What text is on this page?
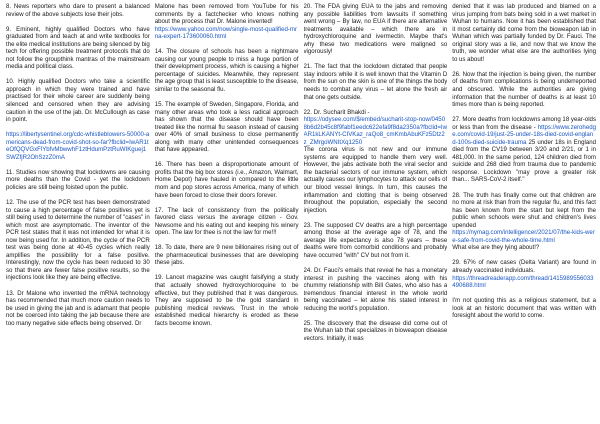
8. News reporters who dare to present a balanced review of the above subjects lose their jobs.

9. Eminent, highly qualified Doctors who have graduated from and teach at and write textbooks for the elite medical institutions are being silenced by big tech for offering possible treatment protocols that do not follow the groupthink mantras of the mainstream media and political class.

10. Highly qualified Doctors who take a scientific approach in which they were trained and have practised for their whole career are suddenly being silenced and censored when they are advising caution in the use of the jab. Dr. McCullough as case in point.

https://libertysentinel.org/cdc-whistleblowers-50000-americans-dead-from-covid-shot-so-far?fbclid=IwAR1teOfQQVGxFlYbfvMbwwhF1ztHdumPztRuWIKguej1SWZfjR2OhSzzZ0mA

11. Studies now showing that lockdowns are causing more deaths than the Covid - yet the lockdown policies are still being foisted upon the public.

12. The use of the PCR test has been demonstrated to cause a high percentage of false positives yet is still being used to determine the number of "cases" in which most are asymptomatic. The inventor of the PCR test states that it was not intended for what it is now being used for. In addition, the cycle of the PCR test was being done at 40-45 cycles which really amplifies the possibility for a false positive. Interestingly, now the cycle has been reduced to 30 so that there are fewer false positive results, so the injections look like they are being effective.

13. Dr Malone who invented the mRNA technology has recommended that much more caution needs to be used in giving the jab and is adamant that people not be coerced into taking the jab because there are too many negative side effects being observed. Dr

Malone has been removed from YouTube for his comments by a factchecker who knows nothing about the process that Dr. Malone invented!
https://www.yahoo.com/now/single-most-qualified-mrna-expert-173600060.html

14. The closure of schools has been a nightmare causing our young people to miss a huge portion of their development process, which is causing a higher percentage of suicides. Meanwhile, they represent the age group that is least susceptible to the disease, similar to the seasonal flu.

15. The example of Sweden, Singapore, Florida, and many other areas who took a less radical approach has shown that the disease should have been treated like the normal flu season instead of causing over 40% of small business to close permanently along with many other unintended consequences that have appeared.

16. There has been a disproportionate amount of profits that the big box stores (i.e., Amazon, Walmart, Home Depot) have hauled in compared to the little mom and pop stores across America, many of which have been forced to close their doors forever.

17. The lack of consistency from the politically favored class versus the average citizen - Gov. Newsome and his eating out and keeping his winery open. The law for thee is not the law for me!!!

18. To date, there are 9 new billionaires rising out of the pharmaceutical businesses that are developing these jabs.

19. Lancet magazine was caught falsifying a study that actually showed hydroxychloroquine to be effective, but they published that it was dangerous. They are supposed to be the gold standard in publishing medical reviews. Trust in the whole established medical hierarchy is eroded as these facts become known.

20. The FDA giving EUA to the jabs and removing any possible liabilities from lawsuits if something went wrong – By law, no EUA if there are alternative treatments available – which there are in hydroxychloroquine and ivermectin. Maybe that's why these two medications were maligned so vigorously!

21. The fact that the lockdown dictated that people stay indoors while it is well known that the Vitamin D from the sun on the skin is one of the things the body needs to combat any virus – let alone the fresh air that one gets outside.

22. Dr. Sucharit Bhakdi -
https://odysee.com/$/embed/sucharit-stop-now/04508b6d2b45c8f9fabf1eedc622efa9f8da2350a?fbclid=IwAR1kLKANYt-CIVKaz_raQo8_cmKmbAbuKFz5Dtz2z_ZMrgoWNItXq1250
The corona virus is not new and our immune systems are equipped to handle them very well. However, the jabs activate both the viral sector and the bacterial sectors of our immune system, which actually causes our lymphocytes to attack our cells of our blood vessel linings. In turn, this causes the inflammation and clotting that is being observed throughout the population, especially the second injection.

23. The supposed CV deaths are a high percentage among those at the average age of 78, and the average life expectancy is also 78 years – these deaths were from comorbid conditions and probably have occurred "with" CV but not from it.

24. Dr. Fauci's emails that reveal he has a monetary interest in pushing the vaccines along with his chummy relationship with Bill Gates, who also has a tremendous financial interest in the whole world being vaccinated – let alone his stated interest in reducing the world's population.

25. The discovery that the disease did come out of the Wuhan lab that specializes in bioweapon disease vectors. Initially, it was

denied that it was lab produced and blamed on a virus jumping from bats being sold in a wet market in Wuhan to humans. Now it has been established that it most certainly did come from the bioweapon lab in Wuhan which was partially funded by Dr. Fauci. The original story was a lie, and now that we know the truth, we wonder what else are the authorities lying to us about!

26. Now that the injection is being given, the number of deaths from complications is being underreported and obscured. While the authorities are giving information that the number of deaths is at least 10 times more than is being reported.

27. More deaths from lockdowns among 18 year-olds or less than from the disease - https://www.zerohedge.com/covid-19/just-25-under-18s-died-covid-england-100s-died-suicide-trauma 25 under 18s in England died from the CV19 between 3/20 and 2/21, or 1 in 481,000. In the same period, 124 children died from suicide and 268 died from trauma due to pandemic response. Lockdown "may prove a greater risk than... SARS-CoV-2 itself."

28. The truth has finally come out that children are no more at risk than from the regular flu, and this fact has been known from the start but kept from the public when schools were shut and children's lives upended
https://nymag.com/intelligencer/2021/07/the-kids-were-safe-from-covid-the-whole-time.html
What else are they lying about!?

29. 67% of new cases (Delta Variant) are found in already vaccinated individuals.
https://threadreaderapp.com/thread/1415989556033490688.html

I'm not quoting this as a religious statement, but a look at an historic document that was written with foresight about the world to come.
